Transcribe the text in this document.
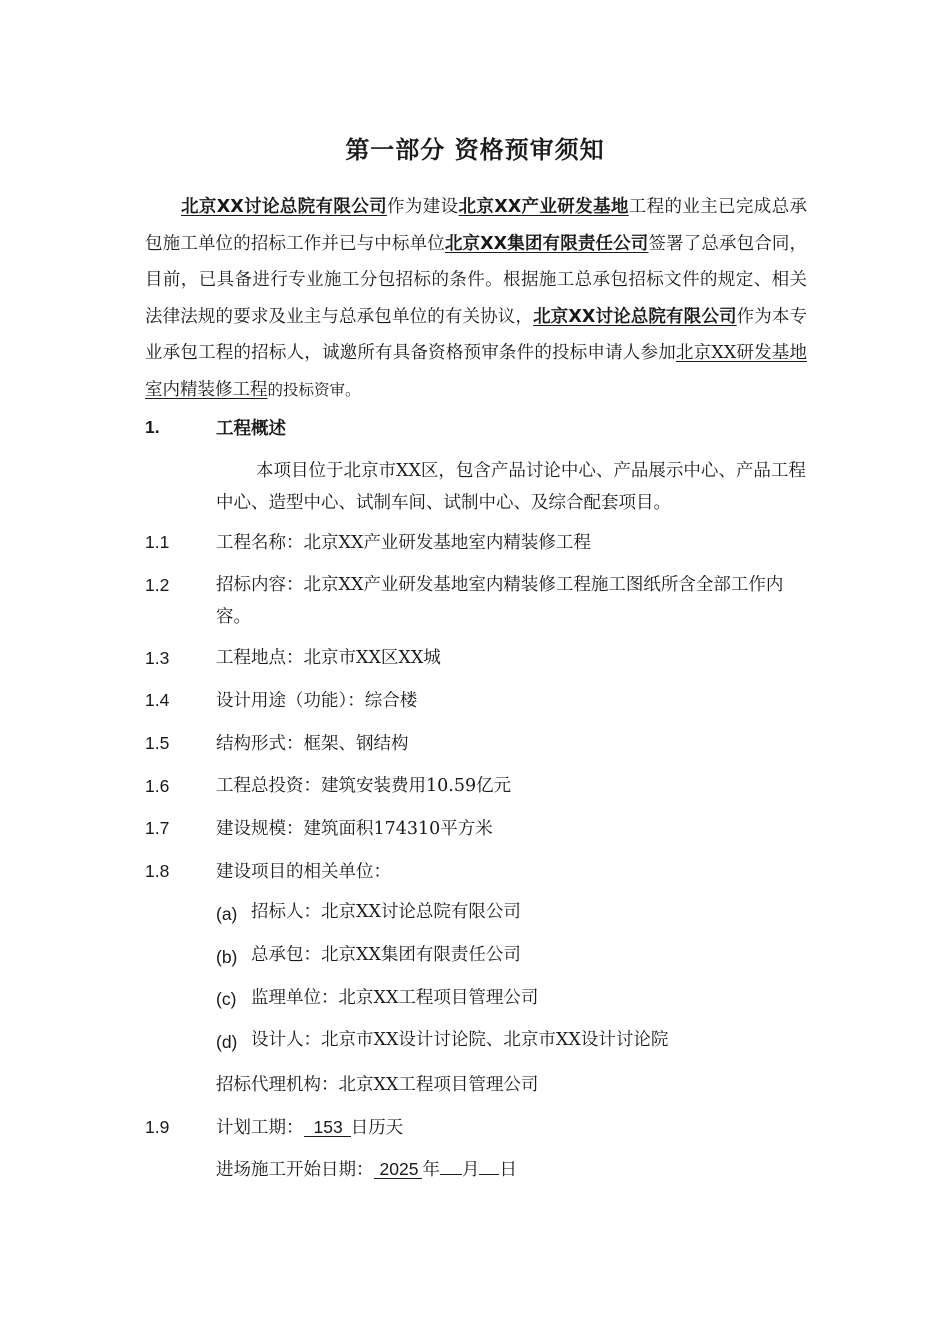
第一部分 资格预审须知
北京XX讨论总院有限公司作为建设北京XX产业研发基地工程的业主已完成总承包施工单位的招标工作并已与中标单位北京XX集团有限责任公司签署了总承包合同，目前，已具备进行专业施工分包招标的条件。根据施工总承包招标文件的规定、相关法律法规的要求及业主与总承包单位的有关协议，北京XX讨论总院有限公司作为本专业承包工程的招标人，诚邀所有具备资格预审条件的投标申请人参加北京XX研发基地室内精装修工程的投标资审。
1.	工程概述
本项目位于北京市XX区，包含产品讨论中心、产品展示中心、产品工程中心、造型中心、试制车间、试制中心、及综合配套项目。
1.1	工程名称：北京XX产业研发基地室内精装修工程
1.2	招标内容：北京XX产业研发基地室内精装修工程施工图纸所含全部工作内容。
1.3	工程地点：北京市XX区XX城
1.4	设计用途（功能）：综合楼
1.5	结构形式：框架、钢结构
1.6	工程总投资：建筑安装费用10.59亿元
1.7	建设规模：建筑面积174310平方米
1.8	建设项目的相关单位：
(a) 招标人：北京XX讨论总院有限公司
(b) 总承包：北京XX集团有限责任公司
(c) 监理单位：北京XX工程项目管理公司
(d) 设计人：北京市XX设计讨论院、北京市XX设计讨论院
招标代理机构：北京XX工程项目管理公司
1.9	计划工期： 153 日历天
进场施工开始日期： 2025 年 月 日
